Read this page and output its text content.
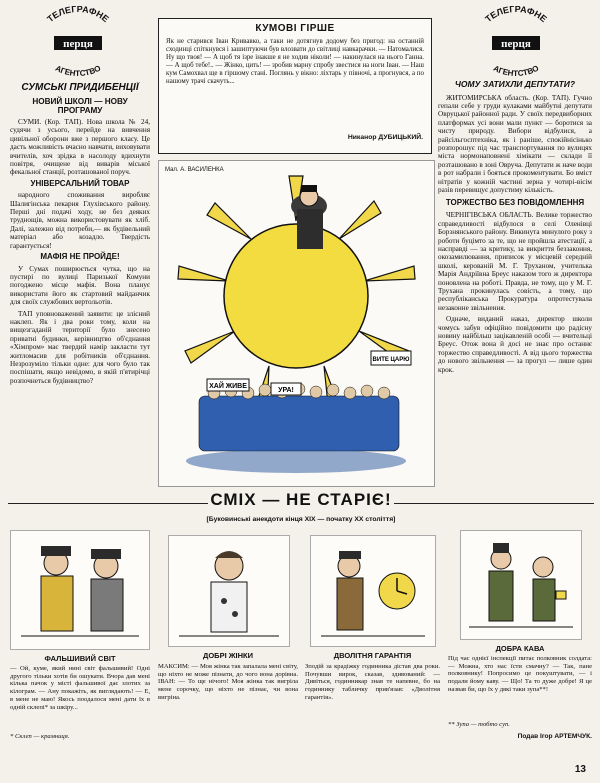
ТЕЛЕГРАФНЕ
перця
АГЕНТСТВО
ТЕЛЕГРАФНЕ
перця
АГЕНТСТВО
СУМСЬКІ ПРИДИБЕНЦІЇ
НОВИЙ ШКОЛІ — НОВУ ПРОГРАМУ

СУМИ. (Кор. ТАП). Нова школа № 24, судячи з усього, перейде на вивчення цивільної оборони вже з першого класу. Це дасть можливість вчасно навчати, виховувати вчителів, хоч зрідка в насолоду вдихнути повітря, очищене від виварів міської фекальної станції, розташованої поруч.

УНІВЕРСАЛЬНИЙ ТОВАР

народного споживання виробляє Шалигінська пекарня Глухівського району. Перші дні подачі ходу, не без деяких труднощів, можна використовувати як хліб. Далі, залежно від потреби,— як будівельний матеріал або козадло. Твердість гарантується!

МАФІЯ НЕ ПРОЙДЕ!

У Сумах поширюється чутка, що на пустирі по вулиці Паризької Комуни погоджено місце мафія. Вона планує використати його як стартовий майданчик для своїх службових вертольотів.

ТАП уповноважений заявити: це злісний наклеп. Як і два роки тому, коли на вищезгаданій території було знесено приватні будинки, керівництво об'єднання «Хімпром» має твердий намір закласти тут житломасив для робітників об'єднання. Незрозуміло тільки одне: для чого було так поспішати, якщо невідомо, в якій п'ятирічці розпочнеться будівництво?

КУМОВІ ГІРШЕ
Як не старився Іван Кривавко, а таки не дотягнув додому без пригод: на останній сходинці спіткнувся і зашиптуючи був влозвати до світлиці навкарачки. — Натомалися. Ну що твоя! — А щоб тя ізре інакше я не ходив ніколи! — накинулася на нього Ганна. — А щоб тебе!.. — Жінко, цить! — зробив марну спробу звестися на ноги Іван. — Наш кум Самохвал ще в гіршому стані. Поглянь у вікно: ліхтарь у півночі, а прогнувся, а по нашому трачі скачуть...
Никанор ДУБИЦЬКИЙ.
Мал. А. ВАСИЛЕНКА
ХАЙ ЖИВЕ
УРА!
ВИТЕ ЦАРЮ
ЧОМУ ЗАТИХЛИ ДЕПУТАТИ?

ЖИТОМИРСЬКА область. (Кор. ТАП). Гучно гепали себе у груди кулаками майбутні депутати Овруцької районної ради. У своїх передвиборних платформах усі вони мали пункт — боротися за чисту природу. Вибори відбулися, а райсільгосптехніка, як і раніше, спокійнісінько розпорошує під час транспортування по вулицях міста нормонаповнені хімікати — склади її розташовано в зоні Овруча. Депутати ж наче води в рот набрали і бояться прокоментувати. Бо вміст нітратів у кожній частині зерна у чотирі-вісім разів перевищує допустиму кількість.

ТОРЖЕСТВО БЕЗ ПОВІДОМЛЕННЯ

ЧЕРНІГІВСЬКА ОБЛАСТЬ. Велике торжество справедливості відбулося в селі Оленівці Борзнянського району. Викинута минулого року з роботи буцімто за те, що не пройшла атестації, а насправді — за критику, за викриття беззаконня, окозамилювання, приписок у місцевій середній школі, керованій М. Г. Труханом, учителька Марія Андріївна Бреус наказом того ж директора поновлена на роботі. Правда, не тому, що у М. Г. Трухана прокинулась совість, а тому, що республіканська Прокуратура опротестувала незаконне звільнення.

Одначе, виданий наказ, директор школи чомусь забув офіційно повідомити цю радісну новину найбільш зацікавленій особі — вчительці Бреус. Отож вона й досі не знає про останнє торжество справедливості. А від цього торжества до нового звільнення — за прогул — лише один крок.

СМІХ — НЕ СТАРІЄ!
[Буковинські анекдоти кінця XIX — початку XX століття]
ФАЛЬШИВИЙ СВІТ
— Ой, куме, який нині світ фальшивий! Одні другого тільки хотів би ошукати. Вчора дав мені кілька пачок у місті фальшивої дає злотих за кілограм. — Ану покажіть, як виглядають! — Е, в мене не маю! Якось поодалося мені дати їх в одній склепі* за шкіру...
* Склеп — крамниця.
ДОБРІ ЖІНКИ
МАКСИМ: — Моя жінка так запалала мені світу, що ніхто не може пізнати, до чого вона дорівна. ІВАН: — То ще нічого! Моя жінка так вигріла мене сорочку, що ніхто не пізнає, чи вона вигріна.
ДВОЛІТНЯ ГАРАНТІЯ
Зподій за крадіжку годинника дістав два роки. Почувши вирок, сказав, здивований: — Дивіться, годинникар знав те напевне, бо на годиннику табличку прив'язав: «Дволітня гарантія».
ДОБРА КАВА
Під час однієї інспекції питає полковник солдата: — Можна, хто нас їсти смачну? — Так, пане полковнику! Попросимо це покуштувати, — і подали йому каву. — Що! Та то дуже добре! Я це назвав би, що їх у дякі таки зупа**!
** Зупа — тобто суп.
Подав Ігор АРТЕМЧУК.
13
